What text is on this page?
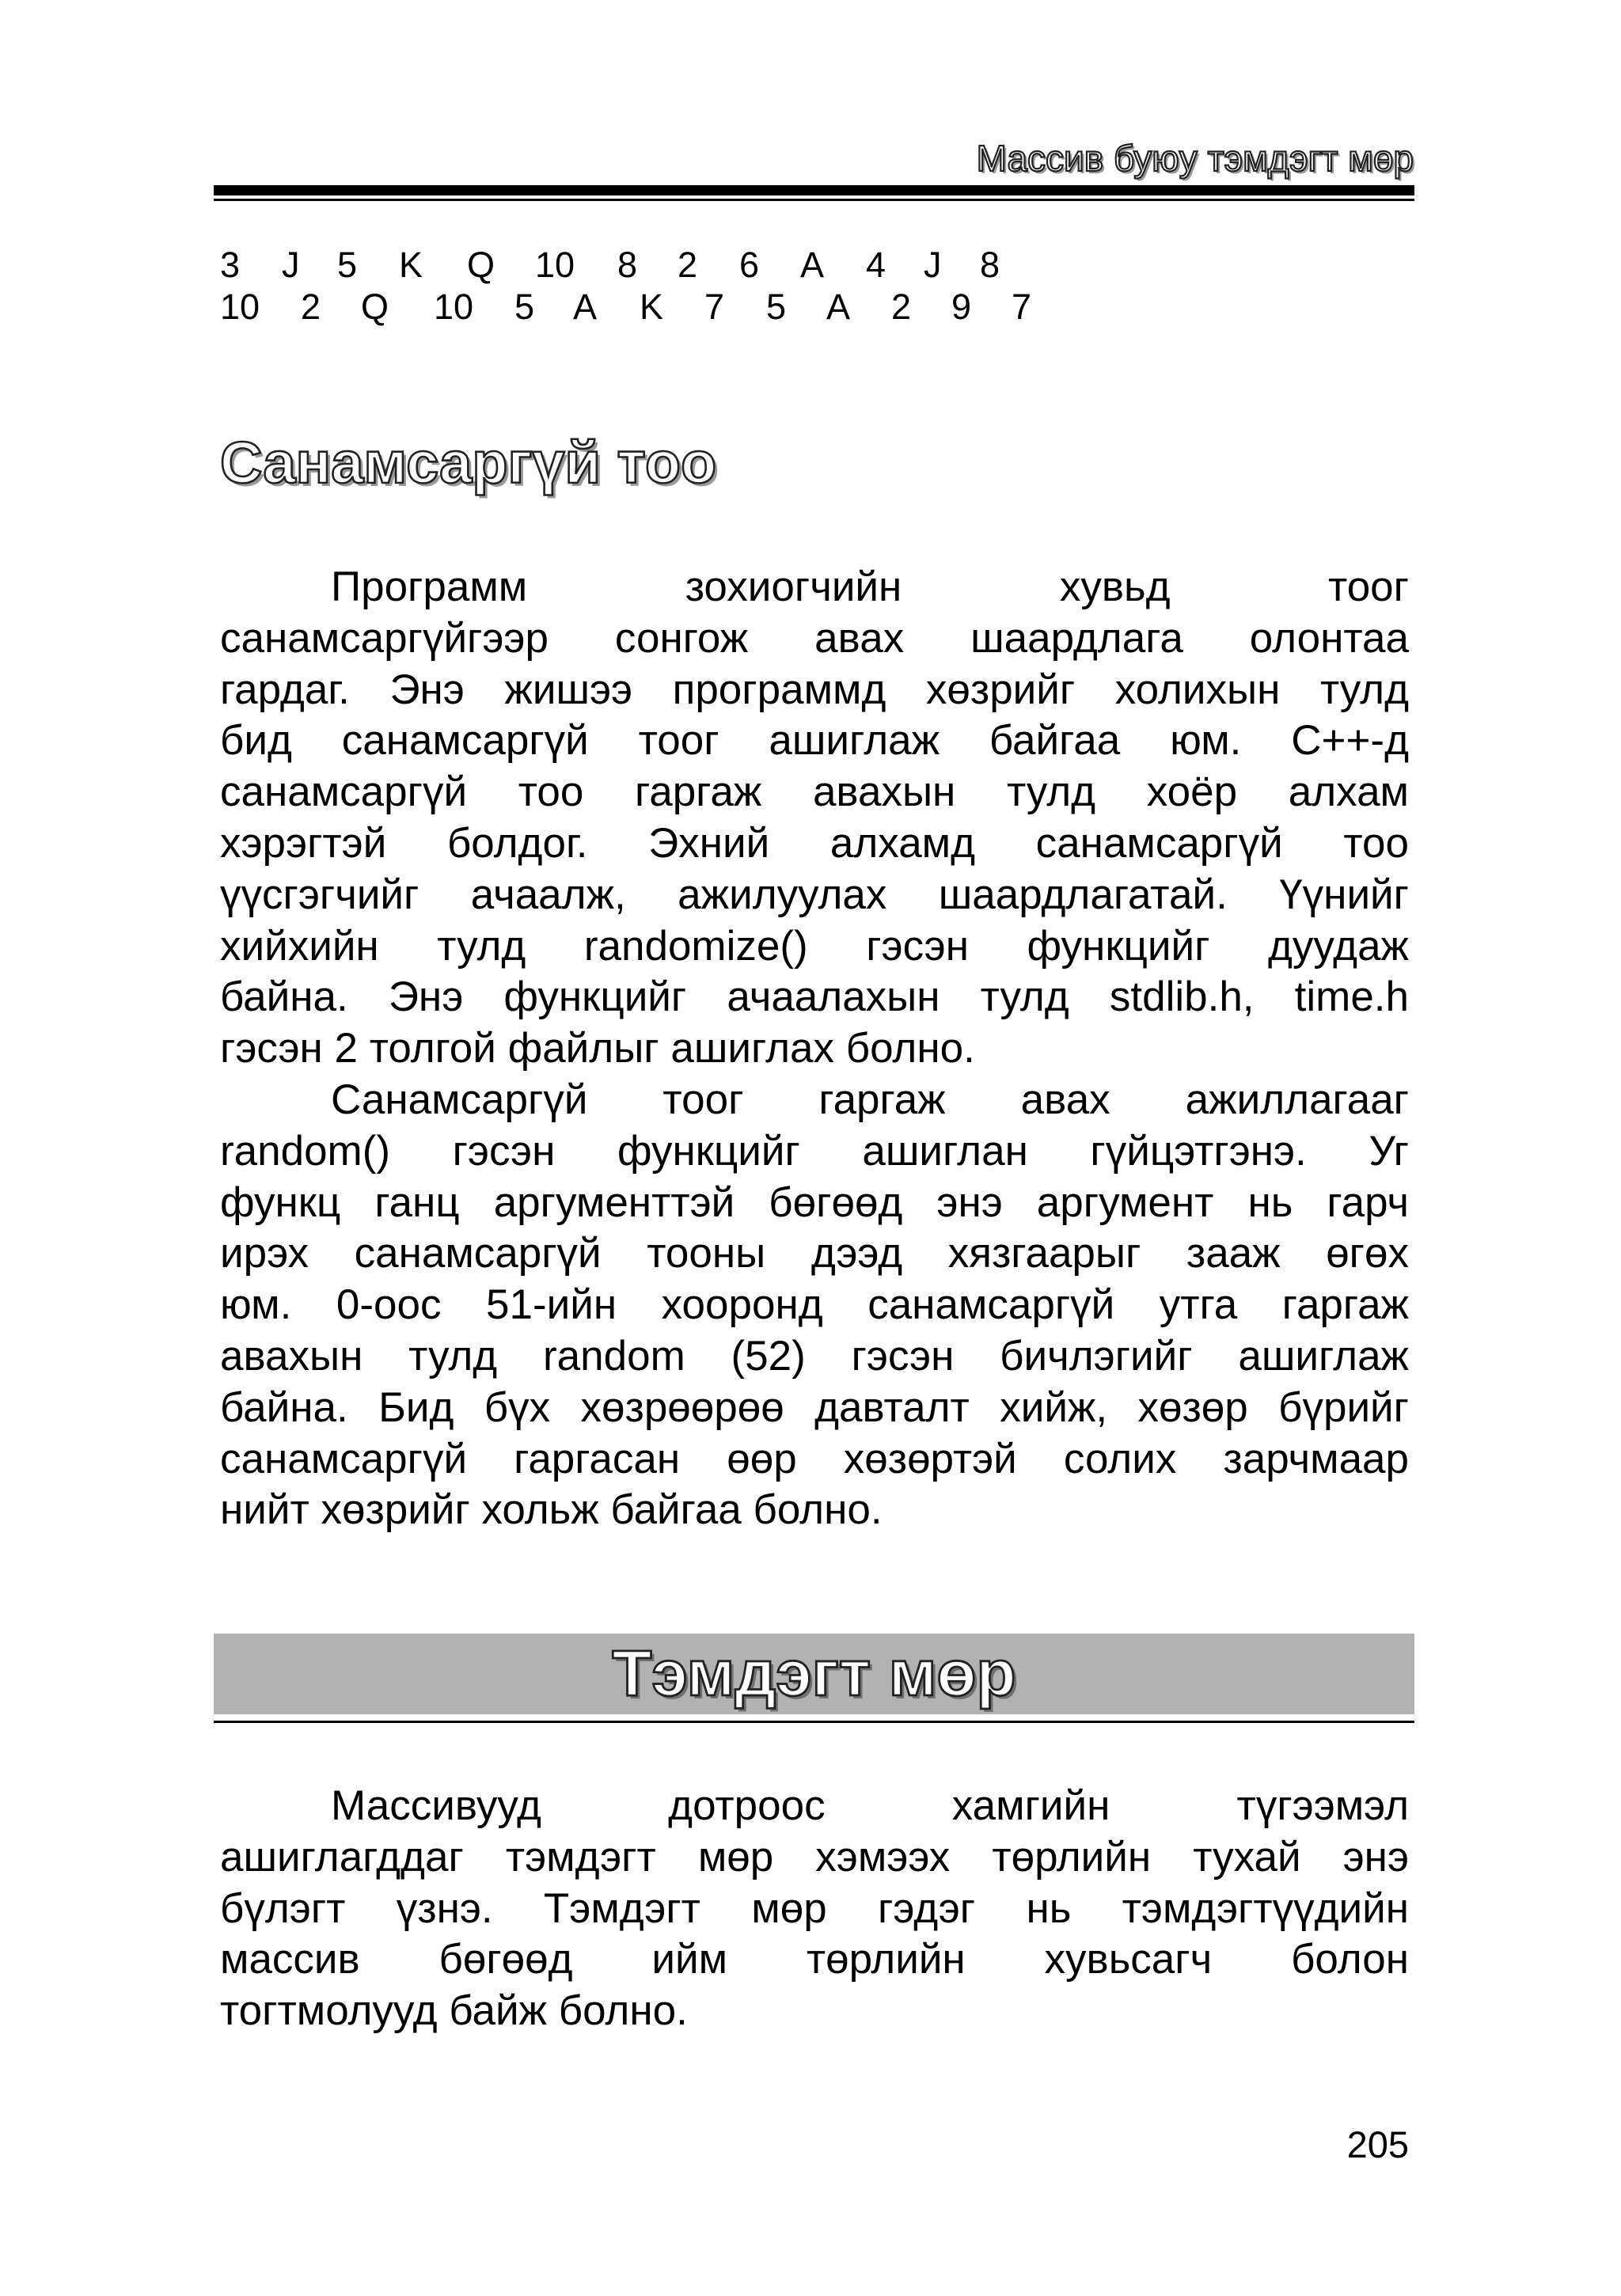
Массив буюу тэмдэгт мөр
3 J 5 K Q 10 8 2 6 A 4 J 8
10 2 Q 10 5 A K 7 5 A 2 9 7
Санамсаргүй тоо
Программ зохиогчийн хувьд тоог
санамсаргүйгээр сонгож авах шаардлага олонтаа
гардаг. Энэ жишээ программд хөзрийг холихын тулд
бид санамсаргүй тоог ашиглаж байгаа юм. C++-д
санамсаргүй тоо гаргаж авахын тулд хоёр алхам
хэрэгтэй болдог. Эхний алхамд санамсаргүй тоо
үүсгэгчийг ачаалж, ажилуулах шаардлагатай. Үүнийг
хийхийн тулд randomize() гэсэн функцийг дуудаж
байна. Энэ функцийг ачаалахын тулд stdlib.h, time.h
гэсэн 2 толгой файлыг ашиглах болно.
Санамсаргүй тоог гаргаж авах ажиллагааг
random() гэсэн функцийг ашиглан гүйцэтгэнэ. Уг
функц ганц аргументтэй бөгөөд энэ аргумент нь гарч
ирэх санамсаргүй тооны дээд хязгаарыг зааж өгөх
юм. 0-оос 51-ийн хооронд санамсаргүй утга гаргаж
авахын тулд random (52) гэсэн бичлэгийг ашиглаж
байна. Бид бүх хөзрөөрөө давталт хийж, хөзөр бүрийг
санамсаргүй гаргасан өөр хөзөртэй солих зарчмаар
нийт хөзрийг хольж байгаа болно.
Тэмдэгт мөр
Массивууд дотроос хамгийн түгээмэл
ашиглагддаг тэмдэгт мөр хэмээх төрлийн тухай энэ
бүлэгт үзнэ. Тэмдэгт мөр гэдэг нь тэмдэгтүүдийн
массив бөгөөд ийм төрлийн хувьсагч болон
тогтмолууд байж болно.
205
